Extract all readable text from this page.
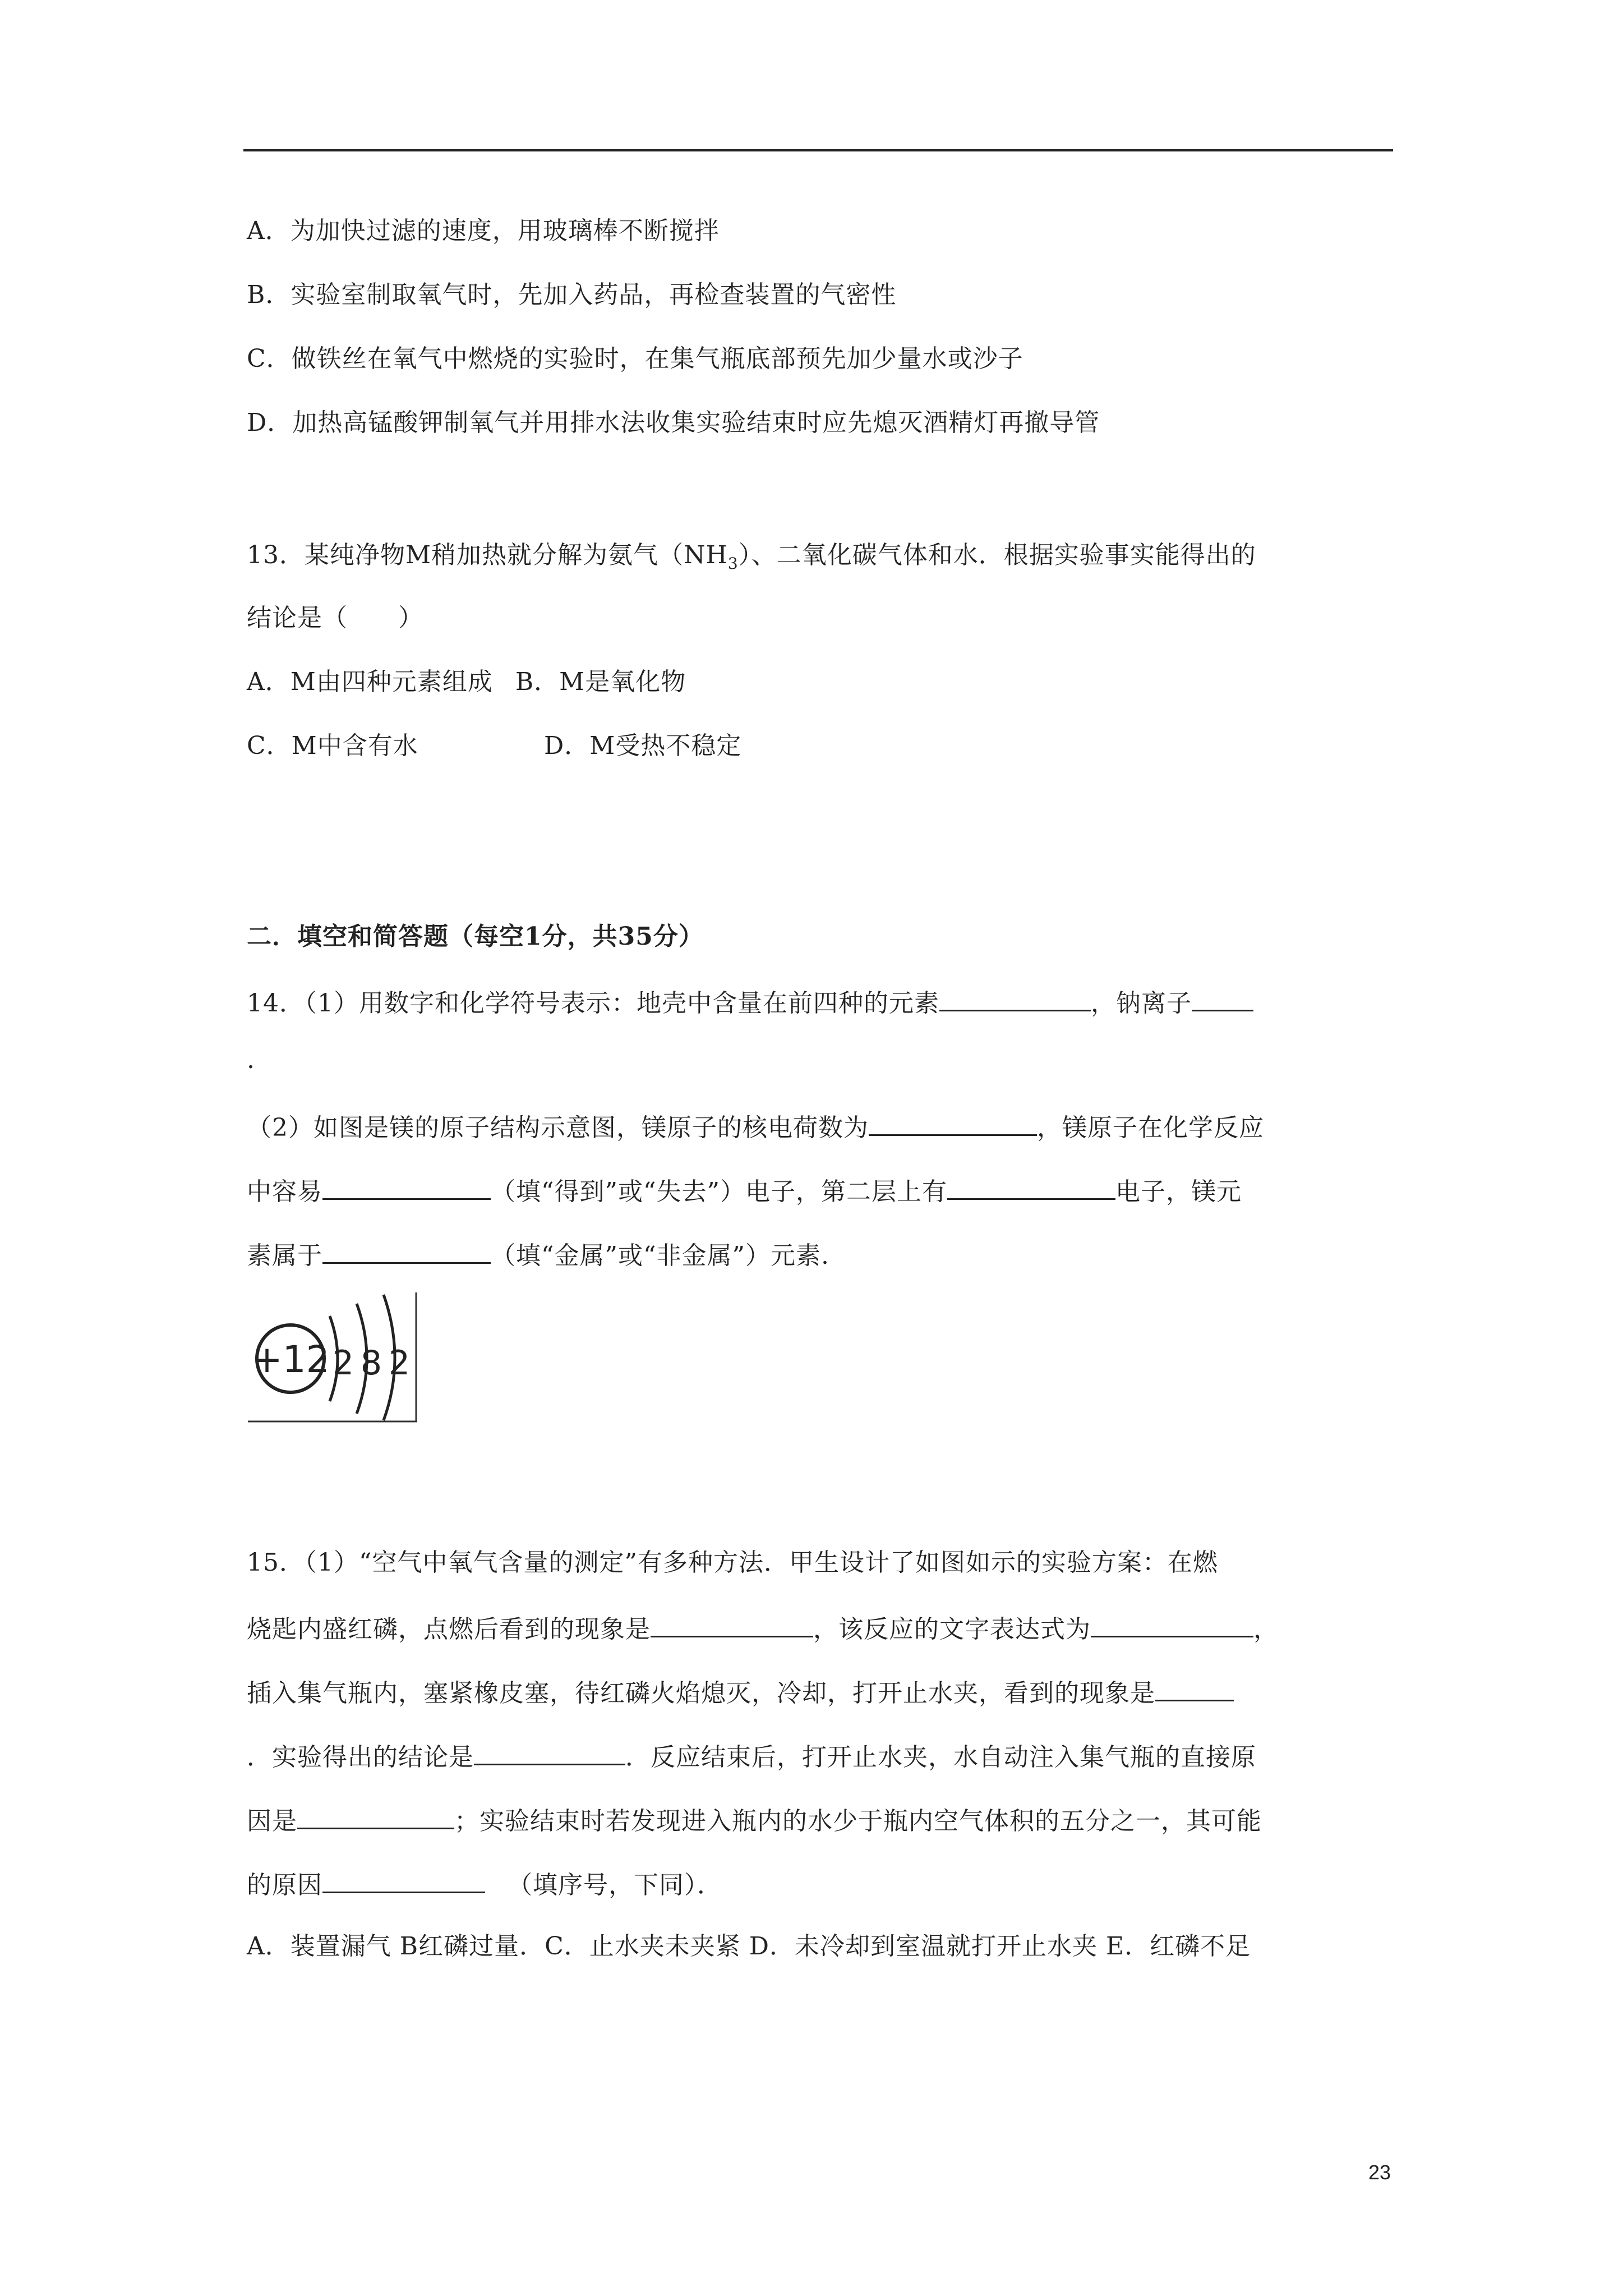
A．为加快过滤的速度，用玻璃棒不断搅拌
B．实验室制取氧气时，先加入药品，再检查装置的气密性
C．做铁丝在氧气中燃烧的实验时，在集气瓶底部预先加少量水或沙子
D．加热高锰酸钾制氧气并用排水法收集实验结束时应先熄灭酒精灯再撤导管
13．某纯净物M稍加热就分解为氨气$(NH_3)$、二氧化碳气体和水．根据实验事实能得出的
结论是（　　）
A．M由四种元素组成 B．M是氧化物
C．M中含有水	D．M受热不稳定
二．填空和简答题（每空1分，共35分）
14．（1）用数字和化学符号表示：地壳中含量在前四种的元素	，钠离子
.
（2）如图是镁的原子结构示意图，镁原子的核电荷数为	，镁原子在化学反应
中容易	（填“得到”或“失去”）电子，第二层上有	电子，镁元
素属于	（填“金属”或“非金属”）元素.
+12 2 8 2
15．（1）“空气中氧气含量的测定”有多种方法．甲生设计了如图如示的实验方案：在燃
烧匙内盛红磷，点燃后看到的现象是	，该反应的文字表达式为	，
插入集气瓶内，塞紧橡皮塞，待红磷火焰熄灭，冷却，打开止水夹，看到的现象是
．实验得出的结论是	．反应结束后，打开止水夹，水自动注入集气瓶的直接原
因是	；实验结束时若发现进入瓶内的水少于瓶内空气体积的五分之一，其可能
的原因	（填序号，下同）．
A．装置漏气 B红磷过量．C．止水夹未夹紧 D．未冷却到室温就打开止水夹 E．红磷不足
23
